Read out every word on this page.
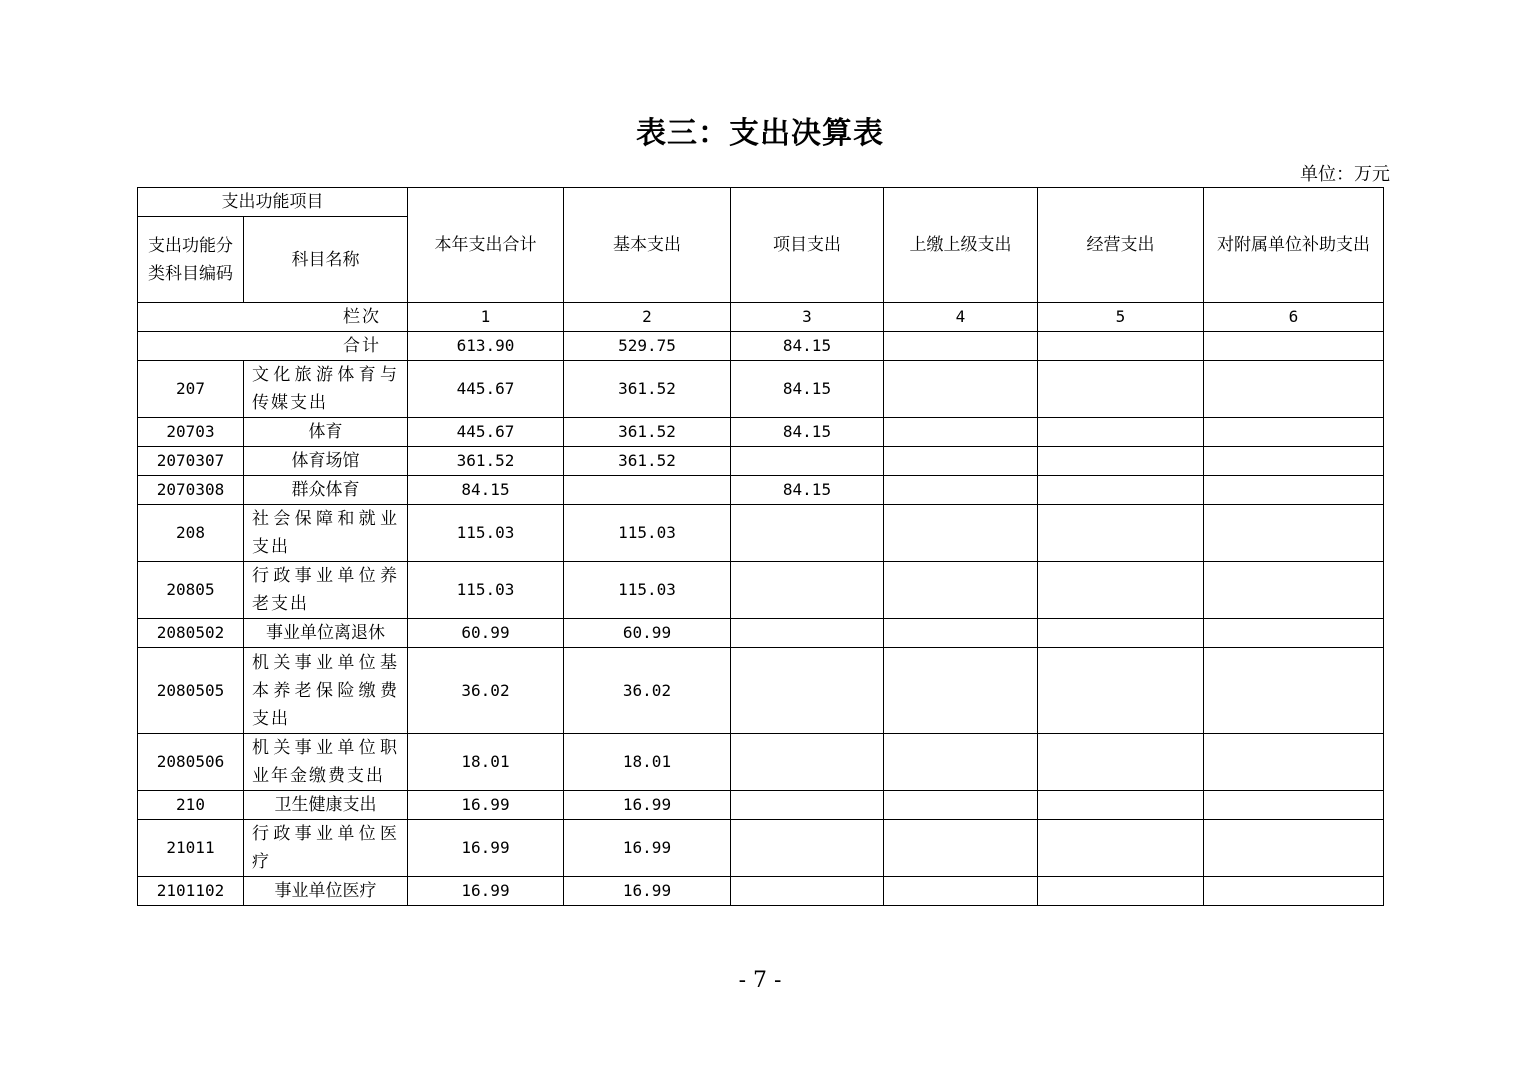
表三：支出决算表
单位：万元
支出功能项目		本年支出合计	基本支出	项目支出	上缴上级支出	经营支出	对附属单位补助支出
支出功能分类科目编码	科目名称						
栏次		1	2	3	4	5	6
合计		613.90	529.75	84.15			
207	文化旅游体育与传媒支出	445.67	361.52	84.15			
20703	体育	445.67	361.52	84.15			
2070307	体育场馆	361.52	361.52				
2070308	群众体育	84.15		84.15			
208	社会保障和就业支出	115.03	115.03				
20805	行政事业单位养老支出	115.03	115.03				
2080502	事业单位离退休	60.99	60.99				
2080505	机关事业单位基本养老保险缴费支出	36.02	36.02				
2080506	机关事业单位职业年金缴费支出	18.01	18.01				
210	卫生健康支出	16.99	16.99				
21011	行政事业单位医疗	16.99	16.99				
2101102	事业单位医疗	16.99	16.99				
- 7 -
